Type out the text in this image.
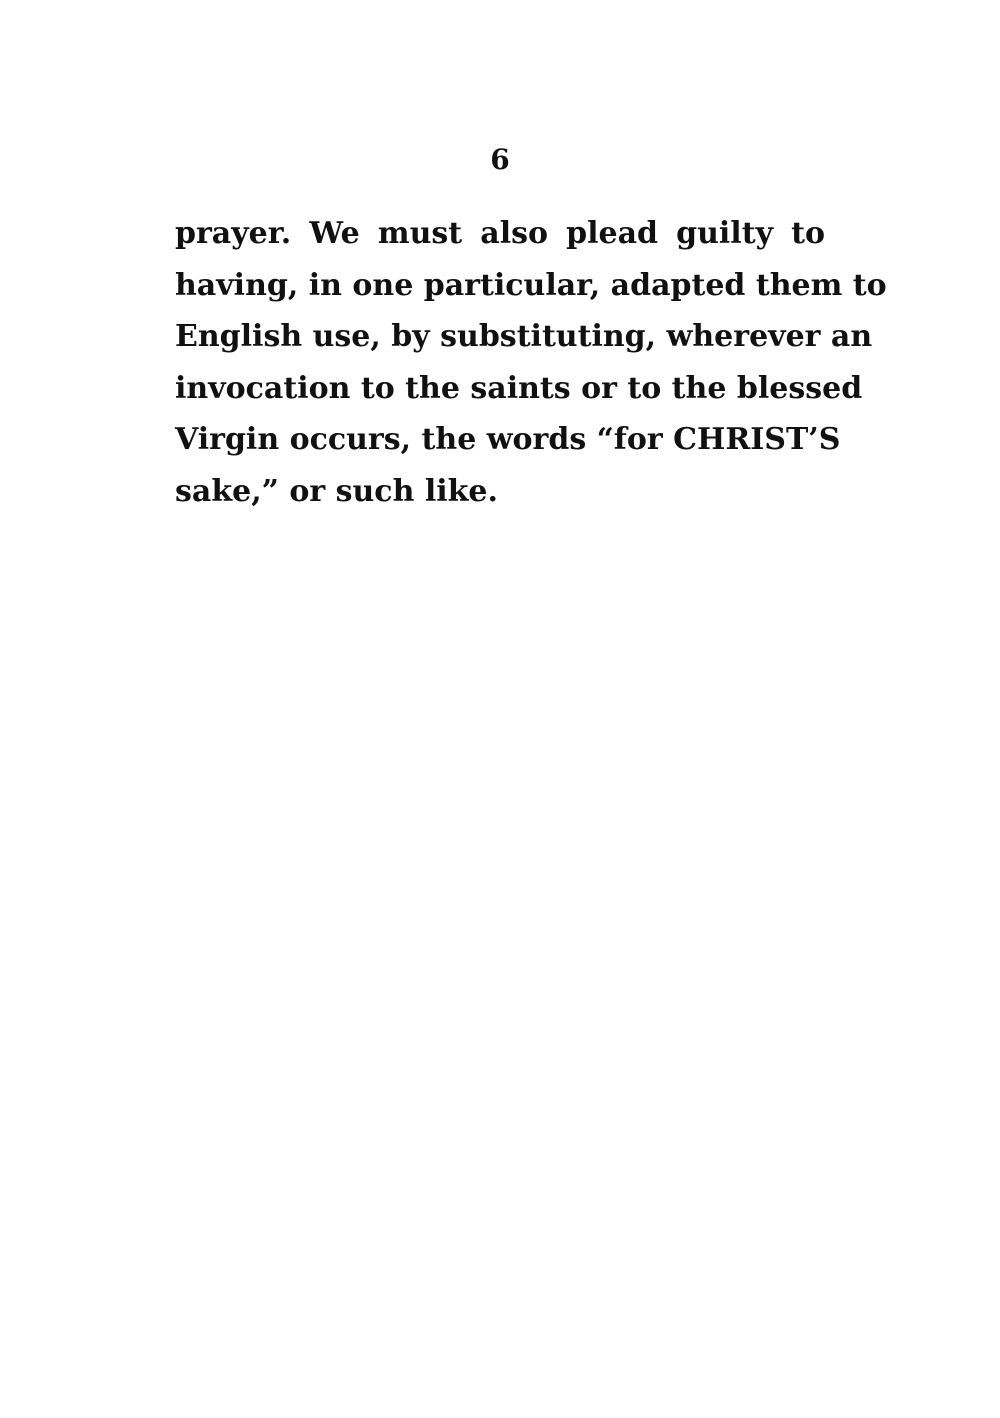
6
prayer. We must also plead guilty to
having, in one particular, adapted them to
English use, by substituting, wherever an
invocation to the saints or to the blessed
Virgin occurs, the words “for CHRIST’S
sake,” or such like.
